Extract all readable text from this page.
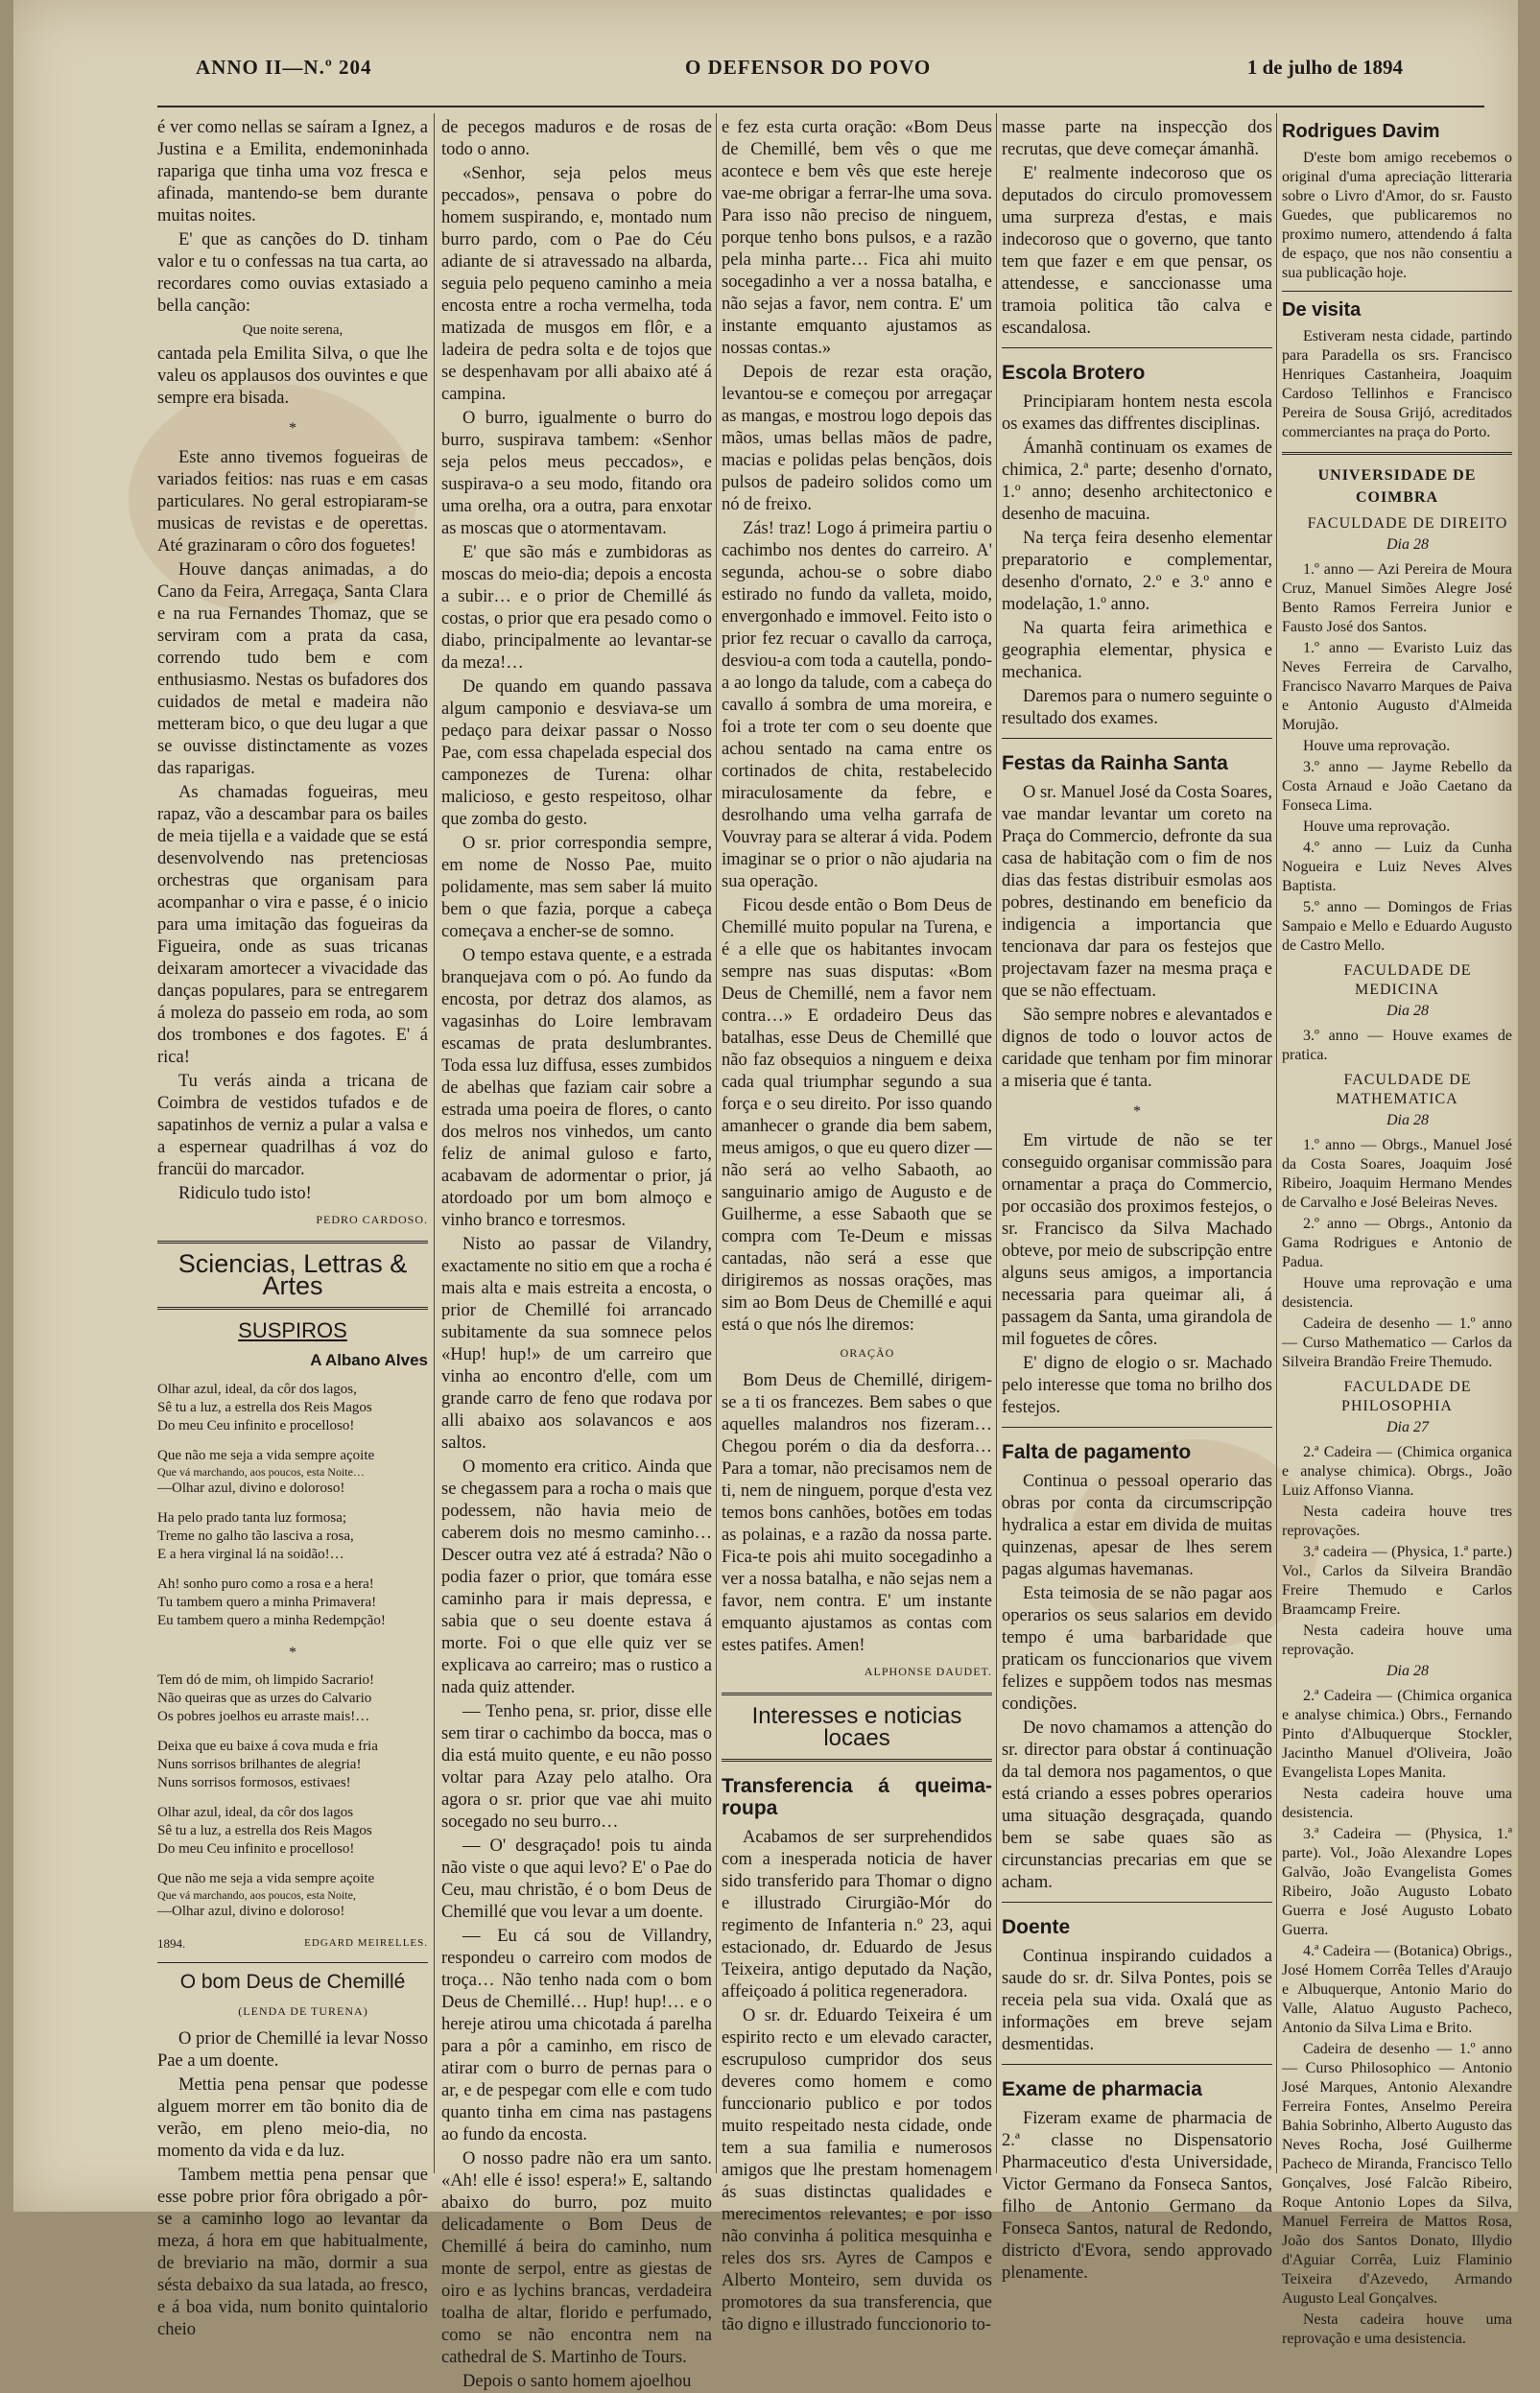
ANNO II—N.º 204	O DEFENSOR DO POVO	1 de julho de 1894

é ver como nellas se saíram a Ignez, a Justina e a Emilita, endemoninhada rapariga que tinha uma voz fresca e afinada, mantendo-se bem durante muitas noites.

E' que as canções do D. tinham valor e tu o confessas na tua carta, ao recordares como ouvias extasiado a bella canção:

Que noite serena,

cantada pela Emilita Silva, o que lhe valeu os applausos dos ouvintes e que sempre era bisada.

*

Este anno tivemos fogueiras de variados feitios: nas ruas e em casas particulares. No geral estropiaram-se musicas de revistas e de operettas. Até grazinaram o côro dos foguetes!

Houve danças animadas, a do Cano da Feira, Arregaça, Santa Clara e na rua Fernandes Thomaz, que se serviram com a prata da casa, correndo tudo bem e com enthusiasmo. Nestas os bufadores dos cuidados de metal e madeira não metteram bico, o que deu lugar a que se ouvisse distinctamente as vozes das raparigas.

As chamadas fogueiras, meu rapaz, vão a descambar para os bailes de meia tijella e a vaidade que se está desenvolvendo nas pretenciosas orchestras que organisam para acompanhar o vira e passe, é o inicio para uma imitação das fogueiras da Figueira, onde as suas tricanas deixaram amortecer a vivacidade das danças populares, para se entregarem á moleza do passeio em roda, ao som dos trombones e dos fagotes. E' á rica!

Tu verás ainda a tricana de Coimbra de vestidos tufados e de sapatinhos de verniz a pular a valsa e a espernear quadrilhas á voz do francüi do marcador.

Ridiculo tudo isto!

PEDRO CARDOSO.

Sciencias, Lettras & Artes
SUSPIROS
A Albano Alves

Olhar azul, ideal, da côr dos lagos,

Sê tu a luz, a estrella dos Reis Magos

Do meu Ceu infinito e procelloso!

Que não me seja a vida sempre açoite

Que vá marchando, aos poucos, esta Noite…

—Olhar azul, divino e doloroso!

Ha pelo prado tanta luz formosa;

Treme no galho tão lasciva a rosa,

E a hera virginal lá na soidão!…

Ah! sonho puro como a rosa e a hera!

Tu tambem quero a minha Primavera!

Eu tambem quero a minha Redempção!

*

Tem dó de mim, oh limpido Sacrario!

Não queiras que as urzes do Calvario

Os pobres joelhos eu arraste mais!…

Deixa que eu baixe á cova muda e fria

Nuns sorrisos brilhantes de alegria!

Nuns sorrisos formosos, estivaes!

Olhar azul, ideal, da côr dos lagos

Sê tu a luz, a estrella dos Reis Magos

Do meu Ceu infinito e procelloso!

Que não me seja a vida sempre açoite

Que vá marchando, aos poucos, esta Noite,

—Olhar azul, divino e doloroso!

1894.	EDGARD MEIRELLES.
O bom Deus de Chemillé

(LENDA DE TURENA)

O prior de Chemillé ia levar Nosso Pae a um doente.

Mettia pena pensar que podesse alguem morrer em tão bonito dia de verão, em pleno meio-dia, no momento da vida e da luz.

Tambem mettia pena pensar que esse pobre prior fôra obrigado a pôr-se a caminho logo ao levantar da meza, á hora em que habitualmente, de breviario na mão, dormir a sua sésta debaixo da sua latada, ao fresco, e á boa vida, num bonito quintalorio cheio

de pecegos maduros e de rosas de todo o anno.

«Senhor, seja pelos meus peccados», pensava o pobre do homem suspirando, e, montado num burro pardo, com o Pae do Céu adiante de si atravessado na albarda, seguia pelo pequeno caminho a meia encosta entre a rocha vermelha, toda matizada de musgos em flôr, e a ladeira de pedra solta e de tojos que se despenhavam por alli abaixo até á campina.

O burro, igualmente o burro do burro, suspirava tambem: «Senhor seja pelos meus peccados», e suspirava-o a seu modo, fitando ora uma orelha, ora a outra, para enxotar as moscas que o atormentavam.

E' que são más e zumbidoras as moscas do meio-dia; depois a encosta a subir… e o prior de Chemillé ás costas, o prior que era pesado como o diabo, principalmente ao levantar-se da meza!…

De quando em quando passava algum camponio e desviava-se um pedaço para deixar passar o Nosso Pae, com essa chapelada especial dos camponezes de Turena: olhar malicioso, e gesto respeitoso, olhar que zomba do gesto.

O sr. prior correspondia sempre, em nome de Nosso Pae, muito polidamente, mas sem saber lá muito bem o que fazia, porque a cabeça começava a encher-se de somno.

O tempo estava quente, e a estrada branquejava com o pó. Ao fundo da encosta, por detraz dos alamos, as vagasinhas do Loire lembravam escamas de prata deslumbrantes. Toda essa luz diffusa, esses zumbidos de abelhas que faziam cair sobre a estrada uma poeira de flores, o canto dos melros nos vinhedos, um canto feliz de animal guloso e farto, acabavam de adormentar o prior, já atordoado por um bom almoço e vinho branco e torresmos.

Nisto ao passar de Vilandry, exactamente no sitio em que a rocha é mais alta e mais estreita a encosta, o prior de Chemillé foi arrancado subitamente da sua somnece pelos «Hup! hup!» de um carreiro que vinha ao encontro d'elle, com um grande carro de feno que rodava por alli abaixo aos solavancos e aos saltos.

O momento era critico. Ainda que se chegassem para a rocha o mais que podessem, não havia meio de caberem dois no mesmo caminho… Descer outra vez até á estrada? Não o podia fazer o prior, que tomára esse caminho para ir mais depressa, e sabia que o seu doente estava á morte. Foi o que elle quiz ver se explicava ao carreiro; mas o rustico a nada quiz attender.

— Tenho pena, sr. prior, disse elle sem tirar o cachimbo da bocca, mas o dia está muito quente, e eu não posso voltar para Azay pelo atalho. Ora agora o sr. prior que vae ahi muito socegado no seu burro…

— O' desgraçado! pois tu ainda não viste o que aqui levo? E' o Pae do Ceu, mau christão, é o bom Deus de Chemillé que vou levar a um doente.

— Eu cá sou de Villandry, respondeu o carreiro com modos de troça… Não tenho nada com o bom Deus de Chemillé… Hup! hup!… e o hereje atirou uma chicotada á parelha para a pôr a caminho, em risco de atirar com o burro de pernas para o ar, e de pespegar com elle e com tudo quanto tinha em cima nas pastagens ao fundo da encosta.

O nosso padre não era um santo. «Ah! elle é isso! espera!» E, saltando abaixo do burro, poz muito delicadamente o Bom Deus de Chemillé á beira do caminho, num monte de serpol, entre as giestas de oiro e as lychins brancas, verdadeira toalha de altar, florido e perfumado, como se não encontra nem na cathedral de S. Martinho de Tours.

Depois o santo homem ajoelhou

e fez esta curta oração: «Bom Deus de Chemillé, bem vês o que me acontece e bem vês que este hereje vae-me obrigar a ferrar-lhe uma sova. Para isso não preciso de ninguem, porque tenho bons pulsos, e a razão pela minha parte… Fica ahi muito socegadinho a ver a nossa batalha, e não sejas a favor, nem contra. E' um instante emquanto ajustamos as nossas contas.»

Depois de rezar esta oração, levantou-se e começou por arregaçar as mangas, e mostrou logo depois das mãos, umas bellas mãos de padre, macias e polidas pelas bençãos, dois pulsos de padeiro solidos como um nó de freixo.

Zás! traz! Logo á primeira partiu o cachimbo nos dentes do carreiro. A' segunda, achou-se o sobre diabo estirado no fundo da valleta, moido, envergonhado e immovel. Feito isto o prior fez recuar o cavallo da carroça, desviou-a com toda a cautella, pondo-a ao longo da talude, com a cabeça do cavallo á sombra de uma moreira, e foi a trote ter com o seu doente que achou sentado na cama entre os cortinados de chita, restabelecido miraculosamente da febre, e desrolhando uma velha garrafa de Vouvray para se alterar á vida. Podem imaginar se o prior o não ajudaria na sua operação.

Ficou desde então o Bom Deus de Chemillé muito popular na Turena, e é a elle que os habitantes invocam sempre nas suas disputas: «Bom Deus de Chemillé, nem a favor nem contra…» E ordadeiro Deus das batalhas, esse Deus de Chemillé que não faz obsequios a ninguem e deixa cada qual triumphar segundo a sua força e o seu direito. Por isso quando amanhecer o grande dia bem sabem, meus amigos, o que eu quero dizer — não será ao velho Sabaoth, ao sanguinario amigo de Augusto e de Guilherme, a esse Sabaoth que se compra com Te-Deum e missas cantadas, não será a esse que dirigiremos as nossas orações, mas sim ao Bom Deus de Chemillé e aqui está o que nós lhe diremos:

ORAÇÃO

Bom Deus de Chemillé, dirigem-se a ti os francezes. Bem sabes o que aquelles malandros nos fizeram… Chegou porém o dia da desforra… Para a tomar, não precisamos nem de ti, nem de ninguem, porque d'esta vez temos bons canhões, botões em todas as polainas, e a razão da nossa parte. Fica-te pois ahi muito socegadinho a ver a nossa batalha, e não sejas nem a favor, nem contra. E' um instante emquanto ajustamos as contas com estes patifes. Amen!

ALPHONSE DAUDET.

Interesses e noticias locaes
Transferencia á queima-roupa

Acabamos de ser surprehendidos com a inesperada noticia de haver sido transferido para Thomar o digno e illustrado Cirurgião-Mór do regimento de Infanteria n.º 23, aqui estacionado, dr. Eduardo de Jesus Teixeira, antigo deputado da Nação, affeiçoado á politica regeneradora.

O sr. dr. Eduardo Teixeira é um espirito recto e um elevado caracter, escrupuloso cumpridor dos seus deveres como homem e como funccionario publico e por todos muito respeitado nesta cidade, onde tem a sua familia e numerosos amigos que lhe prestam homenagem ás suas distinctas qualidades e merecimentos relevantes; e por isso não convinha á politica mesquinha e reles dos srs. Ayres de Campos e Alberto Monteiro, sem duvida os promotores da sua transferencia, que tão digno e illustrado funccionorio to-

masse parte na inspecção dos recrutas, que deve começar ámanhã.

E' realmente indecoroso que os deputados do circulo promovessem uma surpreza d'estas, e mais indecoroso que o governo, que tanto tem que fazer e em que pensar, os attendesse, e sanccionasse uma tramoia politica tão calva e escandalosa.

Escola Brotero

Principiaram hontem nesta escola os exames das diffrentes disciplinas.

Ámanhã continuam os exames de chimica, 2.ª parte; desenho d'ornato, 1.º anno; desenho architectonico e desenho de macuina.

Na terça feira desenho elementar preparatorio e complementar, desenho d'ornato, 2.º e 3.º anno e modelação, 1.º anno.

Na quarta feira arimethica e geographia elementar, physica e mechanica.

Daremos para o numero seguinte o resultado dos exames.

Festas da Rainha Santa

O sr. Manuel José da Costa Soares, vae mandar levantar um coreto na Praça do Commercio, defronte da sua casa de habitação com o fim de nos dias das festas distribuir esmolas aos pobres, destinando em beneficio da indigencia a importancia que tencionava dar para os festejos que projectavam fazer na mesma praça e que se não effectuam.

São sempre nobres e alevantados e dignos de todo o louvor actos de caridade que tenham por fim minorar a miseria que é tanta.

*

Em virtude de não se ter conseguido organisar commissão para ornamentar a praça do Commercio, por occasião dos proximos festejos, o sr. Francisco da Silva Machado obteve, por meio de subscripção entre alguns seus amigos, a importancia necessaria para queimar ali, á passagem da Santa, uma girandola de mil foguetes de côres.

E' digno de elogio o sr. Machado pelo interesse que toma no brilho dos festejos.

Falta de pagamento

Continua o pessoal operario das obras por conta da circumscripção hydralica a estar em divida de muitas quinzenas, apesar de lhes serem pagas algumas havemanas.

Esta teimosia de se não pagar aos operarios os seus salarios em devido tempo é uma barbaridade que praticam os funccionarios que vivem felizes e suppõem todos nas mesmas condições.

De novo chamamos a attenção do sr. director para obstar á continuação da tal demora nos pagamentos, o que está criando a esses pobres operarios uma situação desgraçada, quando bem se sabe quaes são as circunstancias precarias em que se acham.

Doente

Continua inspirando cuidados a saude do sr. dr. Silva Pontes, pois se receia pela sua vida. Oxalá que as informações em breve sejam desmentidas.

Exame de pharmacia

Fizeram exame de pharmacia de 2.ª classe no Dispensatorio Pharmaceutico d'esta Universidade, Victor Germano da Fonseca Santos, filho de Antonio Germano da Fonseca Santos, natural de Redondo, districto d'Evora, sendo approvado plenamente.

Rodrigues Davim

D'este bom amigo recebemos o original d'uma apreciação litteraria sobre o Livro d'Amor, do sr. Fausto Guedes, que publicaremos no proximo numero, attendendo á falta de espaço, que nos não consentiu a sua publicação hoje.

De visita

Estiveram nesta cidade, partindo para Paradella os srs. Francisco Henriques Castanheira, Joaquim Cardoso Tellinhos e Francisco Pereira de Sousa Grijó, acreditados commerciantes na praça do Porto.

UNIVERSIDADE DE COIMBRA

FACULDADE DE DIREITO

Dia 28

1.º anno — Azi Pereira de Moura Cruz, Manuel Simões Alegre José Bento Ramos Ferreira Junior e Fausto José dos Santos.

1.º anno — Evaristo Luiz das Neves Ferreira de Carvalho, Francisco Navarro Marques de Paiva e Antonio Augusto d'Almeida Morujão.

Houve uma reprovação.

3.º anno — Jayme Rebello da Costa Arnaud e João Caetano da Fonseca Lima.

Houve uma reprovação.

4.º anno — Luiz da Cunha Nogueira e Luiz Neves Alves Baptista.

5.º anno — Domingos de Frias Sampaio e Mello e Eduardo Augusto de Castro Mello.

FACULDADE DE MEDICINA

Dia 28

3.º anno — Houve exames de pratica.

FACULDADE DE MATHEMATICA

Dia 28

1.º anno — Obrgs., Manuel José da Costa Soares, Joaquim José Ribeiro, Joaquim Hermano Mendes de Carvalho e José Beleiras Neves.

2.º anno — Obrgs., Antonio da Gama Rodrigues e Antonio de Padua.

Houve uma reprovação e uma desistencia.

Cadeira de desenho — 1.º anno — Curso Mathematico — Carlos da Silveira Brandão Freire Themudo.

FACULDADE DE PHILOSOPHIA

Dia 27

2.ª Cadeira — (Chimica organica e analyse chimica). Obrgs., João Luiz Affonso Vianna.

Nesta cadeira houve tres reprovações.

3.ª cadeira — (Physica, 1.ª parte.) Vol., Carlos da Silveira Brandão Freire Themudo e Carlos Braamcamp Freire.

Nesta cadeira houve uma reprovação.

Dia 28

2.ª Cadeira — (Chimica organica e analyse chimica.) Obrs., Fernando Pinto d'Albuquerque Stockler, Jacintho Manuel d'Oliveira, João Evangelista Lopes Manita.

Nesta cadeira houve uma desistencia.

3.ª Cadeira — (Physica, 1.ª parte). Vol., João Alexandre Lopes Galvão, João Evangelista Gomes Ribeiro, João Augusto Lobato Guerra e José Augusto Lobato Guerra.

4.ª Cadeira — (Botanica) Obrigs., José Homem Corrêa Telles d'Araujo e Albuquerque, Antonio Mario do Valle, Alatuo Augusto Pacheco, Antonio da Silva Lima e Brito.

Cadeira de desenho — 1.º anno — Curso Philosophico — Antonio José Marques, Antonio Alexandre Ferreira Fontes, Anselmo Pereira Bahia Sobrinho, Alberto Augusto das Neves Rocha, José Guilherme Pacheco de Miranda, Francisco Tello Gonçalves, José Falcão Ribeiro, Roque Antonio Lopes da Silva, Manuel Ferreira de Mattos Rosa, João dos Santos Donato, Illydio d'Aguiar Corrêa, Luiz Flaminio Teixeira d'Azevedo, Armando Augusto Leal Gonçalves.

Nesta cadeira houve uma reprovação e uma desistencia.
